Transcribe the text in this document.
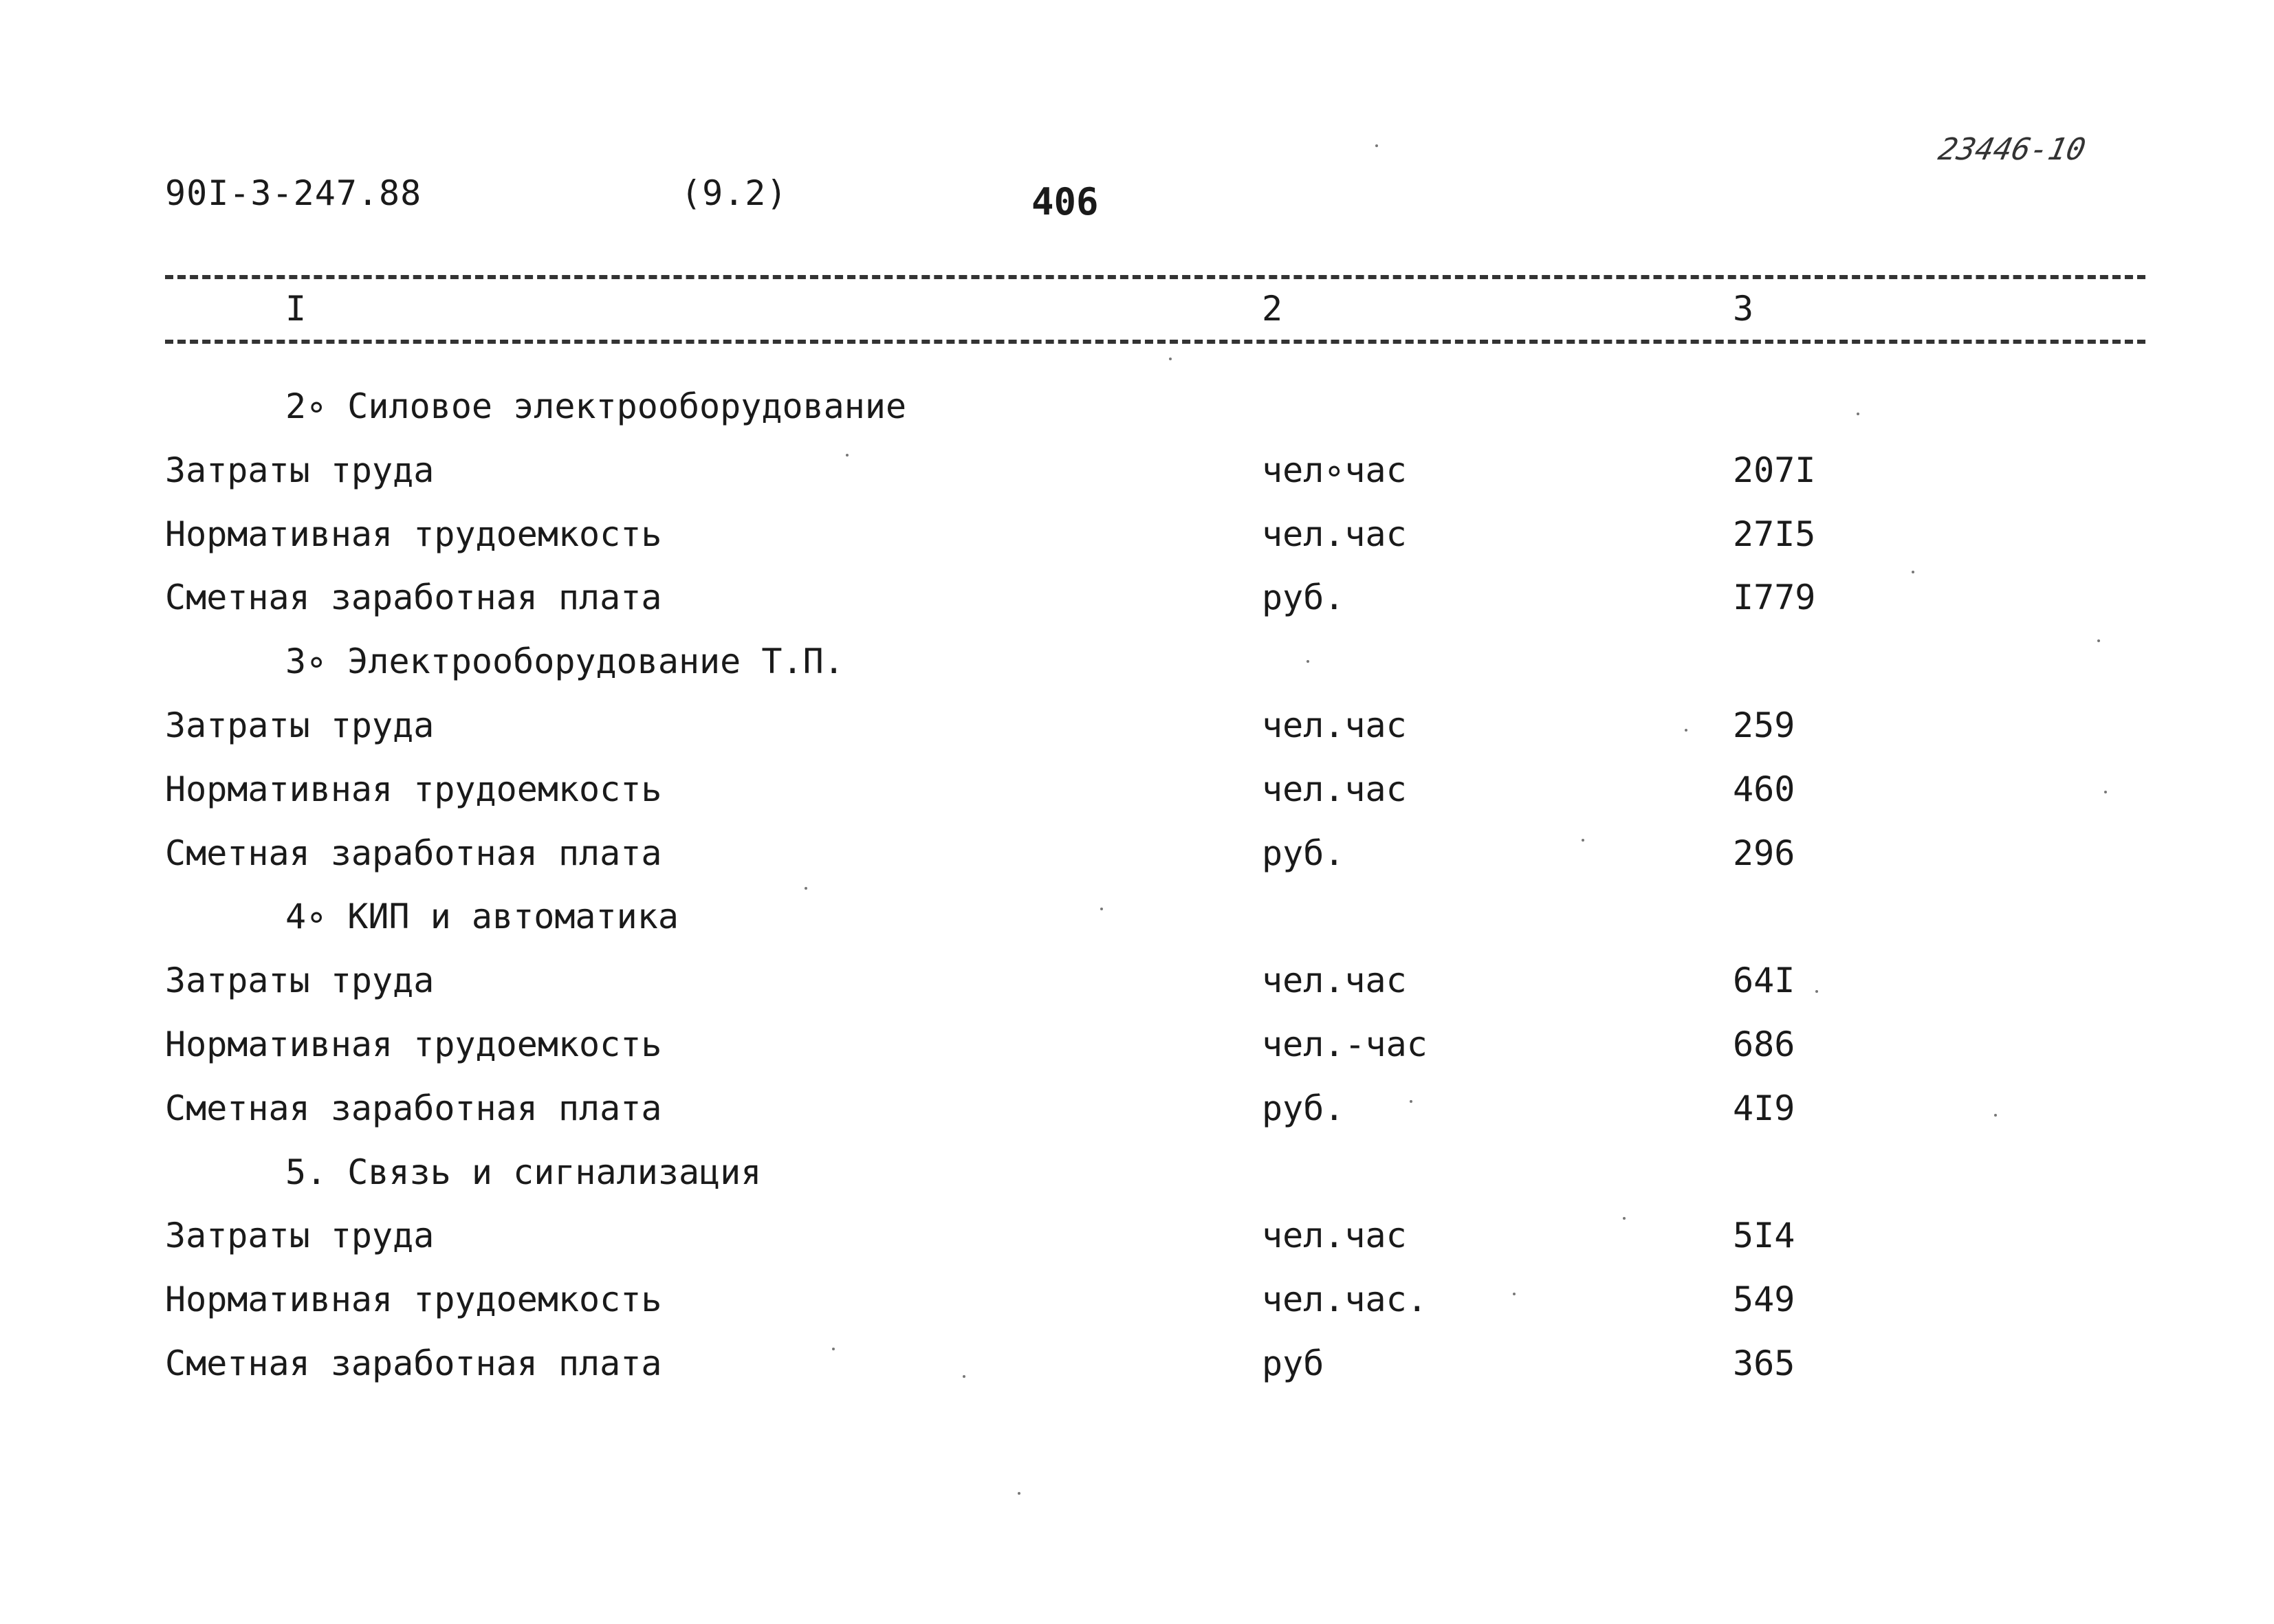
90I-3-247.88	(9.2)	406
23446-10
I	2	3
2∘ Силовое электрооборудование
Затраты труда	чел∘час	207I
Нормативная трудоемкость	чел.час	27I5
Сметная заработная плата	руб.	I779
3∘ Электрооборудование Т.П.
Затраты труда	чел.час	259
Нормативная трудоемкость	чел.час	460
Сметная заработная плата	руб.	296
4∘ КИП и автоматика
Затраты труда	чел.час	64I
Нормативная трудоемкость	чел.-час	686
Сметная заработная плата	руб.	4I9
5. Связь и сигнализация
Затраты труда	чел.час	5I4
Нормативная трудоемкость	чел.час.	549
Сметная заработная плата	руб	365
